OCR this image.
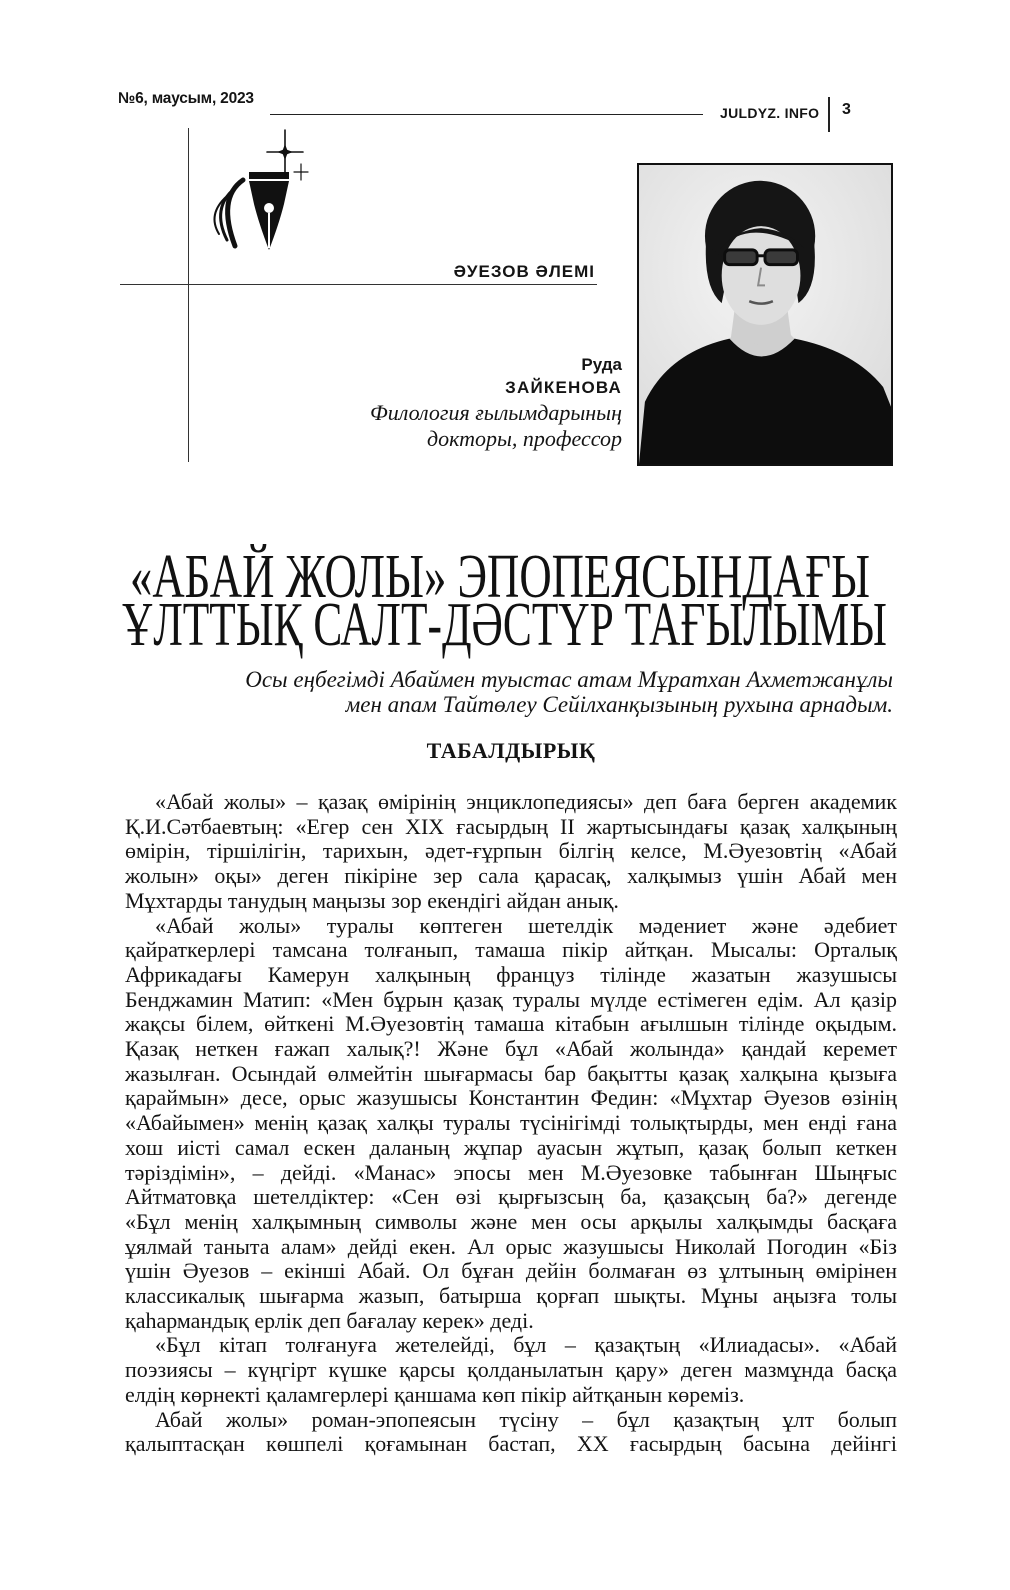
№6, маусым, 2023
JULDYZ. INFO 3
ӘУЕЗОВ ӘЛЕМІ
Руда
ЗАЙКЕНОВА
Филология ғылымдарының
докторы, профессор
«АБАЙ ЖОЛЫ» ЭПОПЕЯСЫНДАҒЫ
ҰЛТТЫҚ САЛТ-ДӘСТҮР ТАҒЫЛЫМЫ
Осы еңбегімді Абаймен туыстас атам Мұратхан Ахметжанұлы
мен апам Тайтөлеу Сейілханқызының рухына арнадым.
ТАБАЛДЫРЫҚ
«Абай жолы» – қазақ өмірінің энциклопедиясы» деп баға берген академик
Қ.И.Сәтбаевтың: «Егер сен XIX ғасырдың II жартысындағы қазақ халқының
өмірін, тіршілігін, тарихын, әдет-ғұрпын білгің келсе, М.Әуезовтің «Абай
жолын» оқы» деген пікіріне зер сала қарасақ, халқымыз үшін Абай мен
Мұхтарды танудың маңызы зор екендігі айдан анық.
«Абай жолы» туралы көптеген шетелдік мәдениет және әдебиет
қайраткерлері тамсана толғанып, тамаша пікір айтқан. Мысалы: Орталық
Африкадағы Камерун халқының француз тілінде жазатын жазушысы
Бенджамин Матип: «Мен бұрын қазақ туралы мүлде естімеген едім. Ал қазір
жақсы білем, өйткені М.Әуезовтің тамаша кітабын ағылшын тілінде оқыдым.
Қазақ неткен ғажап халық?! Және бұл «Абай жолында» қандай керемет
жазылған. Осындай өлмейтін шығармасы бар бақытты қазақ халқына қызыға
қараймын» десе, орыс жазушысы Константин Федин: «Мұхтар Әуезов өзінің
«Абайымен» менің қазақ халқы туралы түсінігімді толықтырды, мен енді ғана
хош иісті самал ескен даланың жұпар ауасын жұтып, қазақ болып кеткен
тәріздімін», – дейді. «Манас» эпосы мен М.Әуезовке табынған Шыңғыс
Айтматовқа шетелдіктер: «Сен өзі қырғызсың ба, қазақсың ба?» дегенде
«Бұл менің халқымның символы және мен осы арқылы халқымды басқаға
ұялмай таныта алам» дейді екен. Ал орыс жазушысы Николай Погодин «Біз
үшін Әуезов – екінші Абай. Ол бұған дейін болмаған өз ұлтының өмірінен
классикалық шығарма жазып, батырша қорғап шықты. Мұны аңызға толы
қаһармандық ерлік деп бағалау керек» деді.
«Бұл кітап толғануға жетелейді, бұл – қазақтың «Илиадасы». «Абай
поэзиясы – күңгірт күшке қарсы қолданылатын қару» деген мазмұнда басқа
елдің көрнекті қаламгерлері қаншама көп пікір айтқанын көреміз.
Абай жолы» роман-эпопеясын түсіну – бұл қазақтың ұлт болып
қалыптасқан көшпелі қоғамынан бастап, XX ғасырдың басына дейінгі
